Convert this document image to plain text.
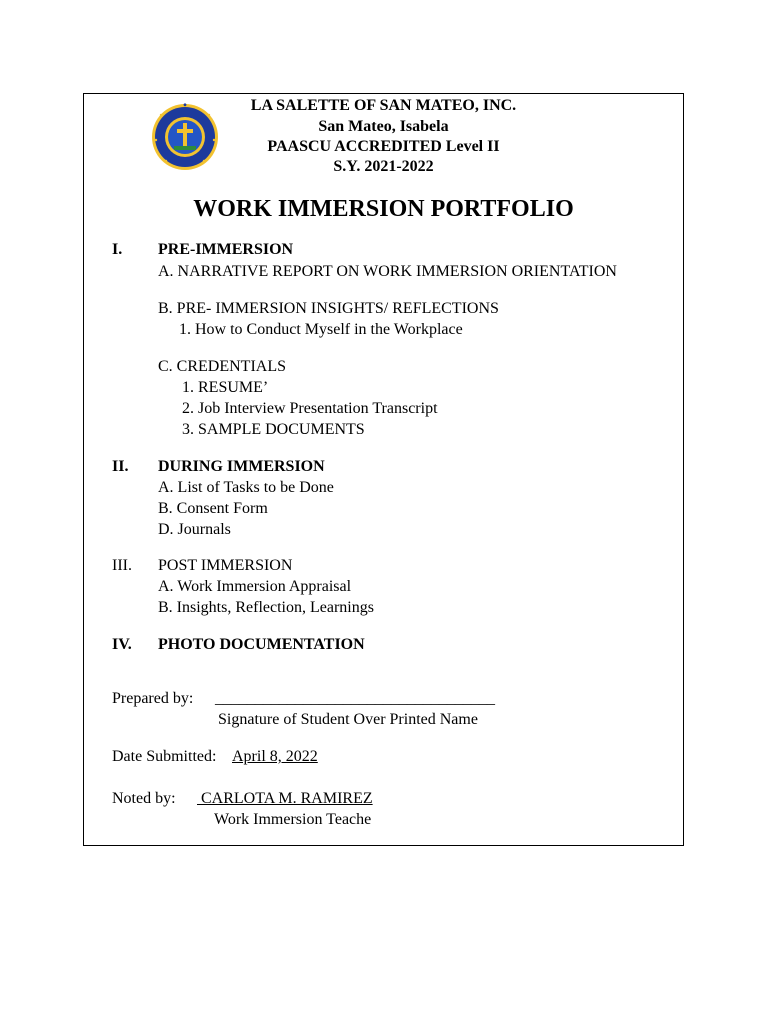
LA SALETTE OF SAN MATEO, INC.
San Mateo, Isabela
PAASCU ACCREDITED Level II
S.Y. 2021-2022
WORK IMMERSION PORTFOLIO
I. PRE-IMMERSION
A. NARRATIVE REPORT ON WORK IMMERSION ORIENTATION
B. PRE- IMMERSION INSIGHTS/ REFLECTIONS
1. How to Conduct Myself in the Workplace
C. CREDENTIALS
1. RESUME’
2. Job Interview Presentation Transcript
3. SAMPLE DOCUMENTS
II. DURING IMMERSION
A. List of Tasks to be Done
B. Consent Form
D. Journals
III. POST IMMERSION
A. Work Immersion Appraisal
B. Insights, Reflection, Learnings
IV. PHOTO DOCUMENTATION
Prepared by: ___________________________________
Signature of Student Over Printed Name
Date Submitted: April 8, 2022
Noted by: CARLOTA M. RAMIREZ
Work Immersion Teache
